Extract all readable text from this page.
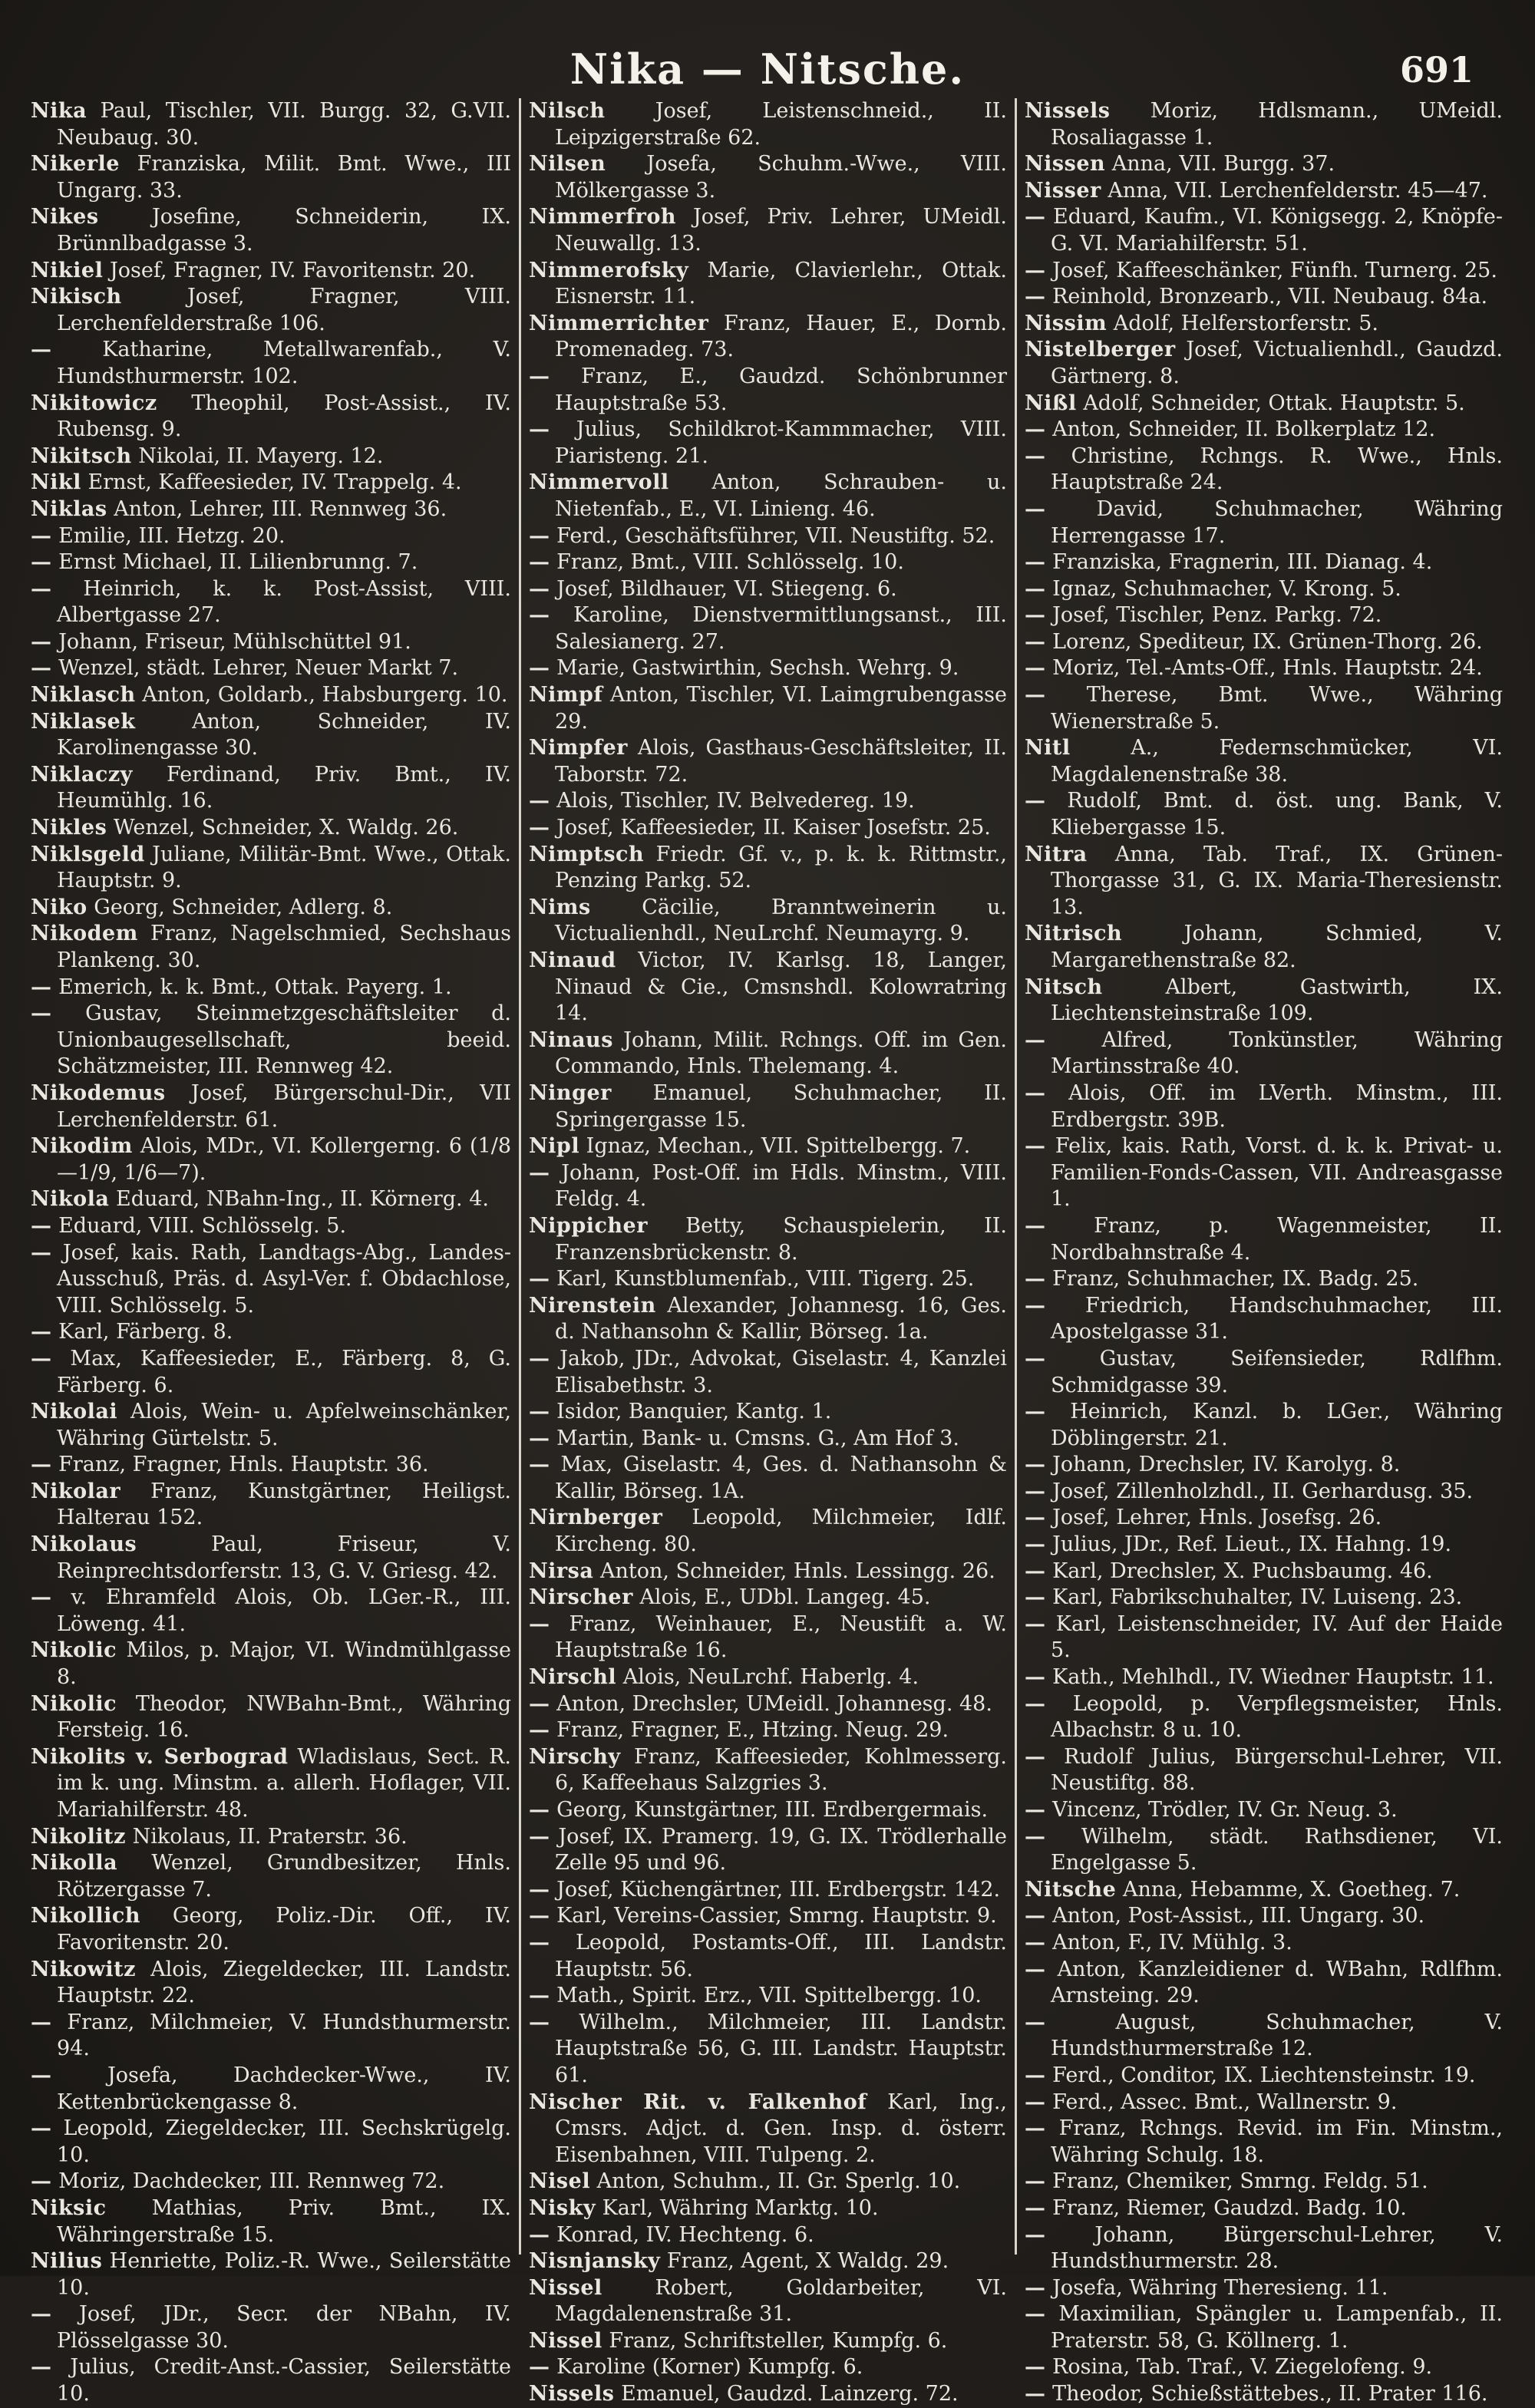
Nika — Nitsche.	691
Nika Paul, Tischler, VII. Burgg. 32, G.VII. Neubaug. 30.
Nikerle Franziska, Milit. Bmt. Wwe., III Ungarg. 33.
Nikes	Josefine, Schneiderin, IX. Brünnlbadgasse 3.
Nikiel Josef, Fragner, IV. Favoritenstr. 20.
Nikisch	Josef, Fragner, VIII. Lerchenfelderstraße 106.
— Katharine, Metallwarenfab., V. Hundsthurmerstr. 102.
Nikitowicz Theophil, Post-Assist., IV. Rubensg. 9.
Nikitsch Nikolai, II. Mayerg. 12.
Nikl Ernst, Kaffeesieder, IV. Trappelg. 4.
Niklas Anton, Lehrer, III. Rennweg 36.
— Emilie, III. Hetzg. 20.
— Ernst Michael, II. Lilienbrunng. 7.
— Heinrich, k. k. Post-Assist, VIII. Albertgasse 27.
— Johann, Friseur, Mühlschüttel 91.
— Wenzel, städt. Lehrer, Neuer Markt 7.
Niklasch Anton, Goldarb., Habsburgerg. 10.
Niklasek	Anton, Schneider, IV. Karolinengasse 30.
Niklaczy Ferdinand, Priv. Bmt., IV. Heumühlg. 16.
Nikles Wenzel, Schneider, X. Waldg. 26.
Niklsgeld Juliane, Militär-Bmt. Wwe., Ottak. Hauptstr. 9.
Niko Georg, Schneider, Adlerg. 8.
Nikodem Franz, Nagelschmied, Sechshaus Plankeng. 30.
— Emerich, k. k. Bmt., Ottak. Payerg. 1.
— Gustav, Steinmetzgeschäftsleiter d. Unionbaugesellschaft, beeid. Schätzmeister, III. Rennweg 42.
Nikodemus Josef, Bürgerschul-Dir., VII Lerchenfelderstr. 61.
Nikodim Alois, MDr., VI. Kollergerng. 6 (1/8—1/9, 1/6—7).
Nikola Eduard, NBahn-Ing., II. Körnerg. 4.
— Eduard, VIII. Schlösselg. 5.
— Josef, kais. Rath, Landtags-Abg., Landes-Ausschuß, Präs. d. Asyl-Ver. f. Obdachlose, VIII. Schlösselg. 5.
— Karl, Färberg. 8.
— Max, Kaffeesieder, E., Färberg. 8, G. Färberg. 6.
Nikolai Alois, Wein- u. Apfelweinschänker, Währing Gürtelstr. 5.
— Franz, Fragner, Hnls. Hauptstr. 36.
Nikolar Franz, Kunstgärtner, Heiligst. Halterau 152.
Nikolaus	Paul, Friseur, V. Reinprechtsdorferstr. 13, G. V. Griesg. 42.
— v. Ehramfeld Alois, Ob. LGer.-R., III. Löweng. 41.
Nikolic Milos, p. Major, VI. Windmühlgasse 8.
Nikolic Theodor, NWBahn-Bmt., Währing Fersteig. 16.
Nikolits v. Serbograd Wladislaus, Sect. R. im k. ung. Minstm. a. allerh. Hoflager, VII. Mariahilferstr. 48.
Nikolitz Nikolaus, II. Praterstr. 36.
Nikolla Wenzel, Grundbesitzer, Hnls. Rötzergasse 7.
Nikollich Georg, Poliz.-Dir. Off., IV. Favoritenstr. 20.
Nikowitz Alois, Ziegeldecker, III. Landstr. Hauptstr. 22.
— Franz, Milchmeier, V. Hundsthurmerstr. 94.
—	Josefa, Dachdecker-Wwe., IV. Kettenbrückengasse 8.
— Leopold, Ziegeldecker, III. Sechskrügelg. 10.
— Moriz, Dachdecker, III. Rennweg 72.
Niksic Mathias, Priv. Bmt., IX. Währingerstraße 15.
Nilius Henriette, Poliz.-R. Wwe., Seilerstätte 10.
— Josef, JDr., Secr. der NBahn, IV. Plösselgasse 30.
— Julius, Credit-Anst.-Cassier, Seilerstätte 10.
Nilsch Josef, Leistenschneid., II. Leipzigerstraße 62.
Nilsen Josefa, Schuhm.-Wwe., VIII. Mölkergasse 3.
Nimmerfroh Josef, Priv. Lehrer, UMeidl. Neuwallg. 13.
Nimmerofsky Marie, Clavierlehr., Ottak. Eisnerstr. 11.
Nimmerrichter Franz, Hauer, E., Dornb. Promenadeg. 73.
— Franz, E., Gaudzd. Schönbrunner Hauptstraße 53.
— Julius, Schildkrot-Kammmacher, VIII. Piaristeng. 21.
Nimmervoll Anton, Schrauben- u. Nietenfab., E., VI. Linieng. 46.
— Ferd., Geschäftsführer, VII. Neustiftg. 52.
— Franz, Bmt., VIII. Schlösselg. 10.
— Josef, Bildhauer, VI. Stiegeng. 6.
— Karoline, Dienstvermittlungsanst., III. Salesianerg. 27.
— Marie, Gastwirthin, Sechsh. Wehrg. 9.
Nimpf Anton, Tischler, VI. Laimgrubengasse 29.
Nimpfer Alois, Gasthaus-Geschäftsleiter, II. Taborstr. 72.
— Alois, Tischler, IV. Belvedereg. 19.
— Josef, Kaffeesieder, II. Kaiser Josefstr. 25.
Nimptsch Friedr. Gf. v., p. k. k. Rittmstr., Penzing Parkg. 52.
Nims Cäcilie, Branntweinerin u. Victualienhdl., NeuLrchf. Neumayrg. 9.
Ninaud Victor, IV. Karlsg. 18, Langer, Ninaud & Cie., Cmsnshdl. Kolowratring 14.
Ninaus Johann, Milit. Rchngs. Off. im Gen. Commando, Hnls. Thelemang. 4.
Ninger Emanuel, Schuhmacher, II. Springergasse 15.
Nipl Ignaz, Mechan., VII. Spittelbergg. 7.
— Johann, Post-Off. im Hdls. Minstm., VIII. Feldg. 4.
Nippicher Betty, Schauspielerin, II. Franzensbrückenstr. 8.
— Karl, Kunstblumenfab., VIII. Tigerg. 25.
Nirenstein Alexander, Johannesg. 16, Ges. d. Nathansohn & Kallir, Börseg. 1a.
— Jakob, JDr., Advokat, Giselastr. 4, Kanzlei Elisabethstr. 3.
— Isidor, Banquier, Kantg. 1.
— Martin, Bank- u. Cmsns. G., Am Hof 3.
— Max, Giselastr. 4, Ges. d. Nathansohn & Kallir, Börseg. 1A.
Nirnberger Leopold, Milchmeier, Idlf. Kircheng. 80.
Nirsa Anton, Schneider, Hnls. Lessingg. 26.
Nirscher Alois, E., UDbl. Langeg. 45.
— Franz, Weinhauer, E., Neustift a. W. Hauptstraße 16.
Nirschl Alois, NeuLrchf. Haberlg. 4.
— Anton, Drechsler, UMeidl. Johannesg. 48.
— Franz, Fragner, E., Htzing. Neug. 29.
Nirschy Franz, Kaffeesieder, Kohlmesserg. 6, Kaffeehaus Salzgries 3.
— Georg, Kunstgärtner, III. Erdbergermais.
— Josef, IX. Pramerg. 19, G. IX. Trödlerhalle Zelle 95 und 96.
— Josef, Küchengärtner, III. Erdbergstr. 142.
— Karl, Vereins-Cassier, Smrng. Hauptstr. 9.
— Leopold, Postamts-Off., III. Landstr. Hauptstr. 56.
— Math., Spirit. Erz., VII. Spittelbergg. 10.
— Wilhelm., Milchmeier, III. Landstr. Hauptstraße 56, G. III. Landstr. Hauptstr. 61.
Nischer Rit. v. Falkenhof Karl, Ing., Cmsrs. Adjct. d. Gen. Insp. d. österr. Eisenbahnen, VIII. Tulpeng. 2.
Nisel Anton, Schuhm., II. Gr. Sperlg. 10.
Nisky Karl, Währing Marktg. 10.
— Konrad, IV. Hechteng. 6.
Nisnjansky Franz, Agent, X Waldg. 29.
Nissel	Robert, Goldarbeiter, VI. Magdalenenstraße 31.
Nissel Franz, Schriftsteller, Kumpfg. 6.
— Karoline (Korner) Kumpfg. 6.
Nissels Emanuel, Gaudzd. Lainzerg. 72.
Nissels Moriz, Hdlsmann., UMeidl. Rosaliagasse 1.
Nissen Anna, VII. Burgg. 37.
Nisser Anna, VII. Lerchenfelderstr. 45—47.
— Eduard, Kaufm., VI. Königsegg. 2, Knöpfe-G. VI. Mariahilferstr. 51.
— Josef, Kaffeeschänker, Fünfh. Turnerg. 25.
— Reinhold, Bronzearb., VII. Neubaug. 84a.
Nissim Adolf, Helferstorferstr. 5.
Nistelberger Josef, Victualienhdl., Gaudzd. Gärtnerg. 8.
Nißl Adolf, Schneider, Ottak. Hauptstr. 5.
— Anton, Schneider, II. Bolkerplatz 12.
— Christine, Rchngs. R. Wwe., Hnls. Hauptstraße 24.
— David, Schuhmacher, Währing Herrengasse 17.
— Franziska, Fragnerin, III. Dianag. 4.
— Ignaz, Schuhmacher, V. Krong. 5.
— Josef, Tischler, Penz. Parkg. 72.
— Lorenz, Spediteur, IX. Grünen-Thorg. 26.
— Moriz, Tel.-Amts-Off., Hnls. Hauptstr. 24.
— Therese, Bmt. Wwe., Währing Wienerstraße 5.
Nitl	A., Federnschmücker, VI. Magdalenenstraße 38.
— Rudolf, Bmt. d. öst. ung. Bank, V. Kliebergasse 15.
Nitra Anna, Tab. Traf., IX. Grünen-Thorgasse 31, G. IX. Maria-Theresienstr. 13.
Nitrisch	Johann, Schmied, V. Margarethenstraße 82.
Nitsch	Albert, Gastwirth, IX. Liechtensteinstraße 109.
—	Alfred, Tonkünstler, Währing Martinsstraße 40.
— Alois, Off. im LVerth. Minstm., III. Erdbergstr. 39B.
— Felix, kais. Rath, Vorst. d. k. k. Privat- u. Familien-Fonds-Cassen, VII. Andreasgasse 1.
— Franz, p. Wagenmeister, II. Nordbahnstraße 4.
— Franz, Schuhmacher, IX. Badg. 25.
— Friedrich, Handschuhmacher, III. Apostelgasse 31.
—	Gustav, Seifensieder, Rdlfhm. Schmidgasse 39.
— Heinrich, Kanzl. b. LGer., Währing Döblingerstr. 21.
— Johann, Drechsler, IV. Karolyg. 8.
— Josef, Zillenholzhdl., II. Gerhardusg. 35.
— Josef, Lehrer, Hnls. Josefsg. 26.
— Julius, JDr., Ref. Lieut., IX. Hahng. 19.
— Karl, Drechsler, X. Puchsbaumg. 46.
— Karl, Fabrikschuhalter, IV. Luiseng. 23.
— Karl, Leistenschneider, IV. Auf der Haide 5.
— Kath., Mehlhdl., IV. Wiedner Hauptstr. 11.
— Leopold, p. Verpflegsmeister, Hnls. Albachstr. 8 u. 10.
— Rudolf Julius, Bürgerschul-Lehrer, VII. Neustiftg. 88.
— Vincenz, Trödler, IV. Gr. Neug. 3.
— Wilhelm, städt. Rathsdiener, VI. Engelgasse 5.
Nitsche Anna, Hebamme, X. Goetheg. 7.
— Anton, Post-Assist., III. Ungarg. 30.
— Anton, F., IV. Mühlg. 3.
— Anton, Kanzleidiener d. WBahn, Rdlfhm. Arnsteing. 29.
—	August, Schuhmacher, V. Hundsthurmerstraße 12.
— Ferd., Conditor, IX. Liechtensteinstr. 19.
— Ferd., Assec. Bmt., Wallnerstr. 9.
— Franz, Rchngs. Revid. im Fin. Minstm., Währing Schulg. 18.
— Franz, Chemiker, Smrng. Feldg. 51.
— Franz, Riemer, Gaudzd. Badg. 10.
— Johann, Bürgerschul-Lehrer, V. Hundsthurmerstr. 28.
— Josefa, Währing Theresieng. 11.
— Maximilian, Spängler u. Lampenfab., II. Praterstr. 58, G. Köllnerg. 1.
— Rosina, Tab. Traf., V. Ziegelofeng. 9.
— Theodor, Schießstättebes., II. Prater 116.
